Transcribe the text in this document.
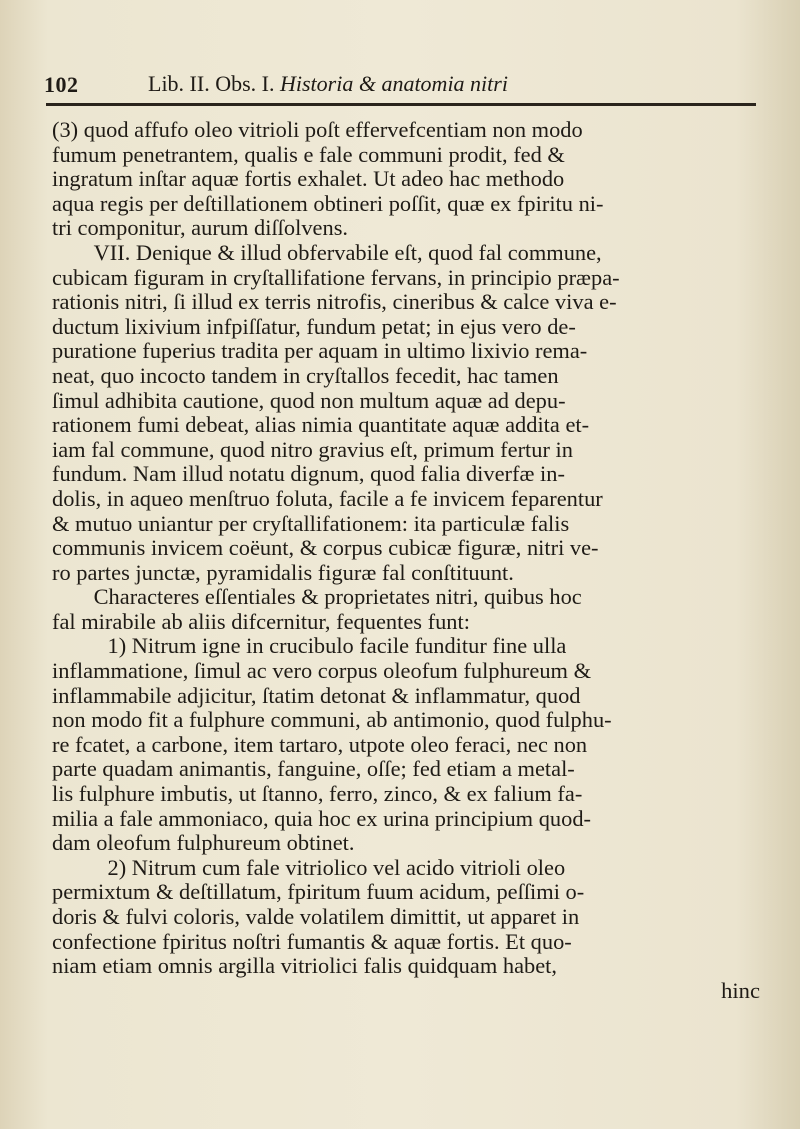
102	Lib. II. Obs. I. Historia & anatomia nitri
(3) quod affufo oleo vitrioli poſt effervefcentiam non modo
fumum penetrantem, qualis e fale communi prodit, fed &
ingratum inſtar aquæ fortis exhalet. Ut adeo hac methodo
aqua regis per deſtillationem obtineri poſſit, quæ ex fpiritu ni-
tri componitur, aurum diſſolvens.
VII. Denique & illud obfervabile eſt, quod fal commune,
cubicam figuram in cryſtallifatione fervans, in principio præpa-
rationis nitri, ſi illud ex terris nitrofis, cineribus & calce viva e-
ductum lixivium infpiſſatur, fundum petat; in ejus vero de-
puratione fuperius tradita per aquam in ultimo lixivio rema-
neat, quo incocto tandem in cryſtallos fecedit, hac tamen
ſimul adhibita cautione, quod non multum aquæ ad depu-
rationem fumi debeat, alias nimia quantitate aquæ addita et-
iam fal commune, quod nitro gravius eſt, primum fertur in
fundum. Nam illud notatu dignum, quod falia diverfæ in-
dolis, in aqueo menſtruo foluta, facile a fe invicem feparentur
& mutuo uniantur per cryſtallifationem: ita particulæ falis
communis invicem coëunt, & corpus cubicæ figuræ, nitri ve-
ro partes junctæ, pyramidalis figuræ fal conſtituunt.
Characteres eſſentiales & proprietates nitri, quibus hoc
fal mirabile ab aliis difcernitur, fequentes funt:
1) Nitrum igne in crucibulo facile funditur fine ulla
inflammatione, ſimul ac vero corpus oleofum fulphureum &
inflammabile adjicitur, ſtatim detonat & inflammatur, quod
non modo fit a fulphure communi, ab antimonio, quod fulphu-
re fcatet, a carbone, item tartaro, utpote oleo feraci, nec non
parte quadam animantis, fanguine, oſſe; fed etiam a metal-
lis fulphure imbutis, ut ſtanno, ferro, zinco, & ex falium fa-
milia a fale ammoniaco, quia hoc ex urina principium quod-
dam oleofum fulphureum obtinet.
2) Nitrum cum fale vitriolico vel acido vitrioli oleo
permixtum & deſtillatum, fpiritum fuum acidum, peſſimi o-
doris & fulvi coloris, valde volatilem dimittit, ut apparet in
confectione fpiritus noſtri fumantis & aquæ fortis. Et quo-
niam etiam omnis argilla vitriolici falis quidquam habet,
hinc
